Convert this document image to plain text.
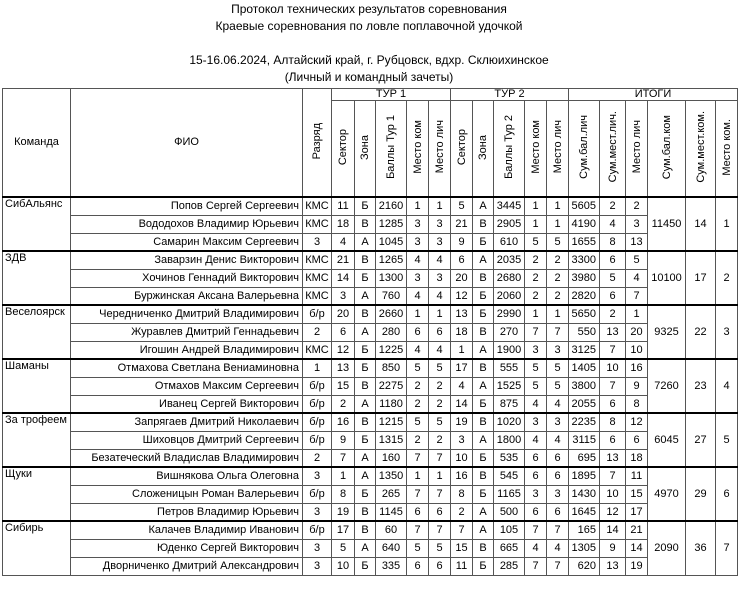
Протокол технических результатов соревнования
Краевые соревнования по ловле поплавочной удочкой
15-16.06.2024, Алтайский край, г. Рубцовск, вдхр. Склюихинское
(Личный и командный зачеты)
Команда	ФИО	Разряд	ТУР 1					ТУР 2					ИТОГИ					
			Сектор	Зона	Баллы Тур 1	Место ком	Место лич	Сектор	Зона	Баллы Тур 2	Место ком	Место лич	Сум.бал.лич	Сум.мест.лич.	Место лич	Сум.бал.ком	Сум.мест.ком.	Место ком.
СибАльянс	Попов Сергей Сергеевич	КМС	11	Б	2160	1	1	5	А	3445	1	1	5605	2	2	11450	14	1
	Вододохов Владимир Юрьевич	КМС	18	В	1285	3	3	21	В	2905	1	1	4190	4	3			
	Самарин Максим Сергеевич	3	4	А	1045	3	3	9	Б	610	5	5	1655	8	13			
ЗДВ	Заварзин Денис Викторович	КМС	21	В	1265	4	4	6	А	2035	2	2	3300	6	5	10100	17	2
	Хочинов Геннадий Викторович	КМС	14	Б	1300	3	3	20	В	2680	2	2	3980	5	4			
	Буржинская Аксана Валерьевна	КМС	3	А	760	4	4	12	Б	2060	2	2	2820	6	7			
Веселоярск	Чередниченко Дмитрий Владимирович	б/р	20	В	2660	1	1	13	Б	2990	1	1	5650	2	1	9325	22	3
	Журавлев Дмитрий Геннадьевич	2	6	А	280	6	6	18	В	270	7	7	550	13	20			
	Игошин Андрей Владимирович	КМС	12	Б	1225	4	4	1	А	1900	3	3	3125	7	10			
Шаманы	Отмахова Светлана Вениаминовна	1	13	Б	850	5	5	17	В	555	5	5	1405	10	16	7260	23	4
	Отмахов Максим Сергеевич	б/р	15	В	2275	2	2	4	А	1525	5	5	3800	7	9			
	Иванец Сергей Викторович	б/р	2	А	1180	2	2	14	Б	875	4	4	2055	6	8			
За трофеем	Запрягаев Дмитрий Николаевич	б/р	16	В	1215	5	5	19	В	1020	3	3	2235	8	12	6045	27	5
	Шиховцов Дмитрий Сергеевич	б/р	9	Б	1315	2	2	3	А	1800	4	4	3115	6	6			
	Безатеческий Владислав Владимирович	2	7	А	160	7	7	10	Б	535	6	6	695	13	18			
Щуки	Вишнякова Ольга Олеговна	3	1	А	1350	1	1	16	В	545	6	6	1895	7	11	4970	29	6
	Сложеницын Роман Валерьевич	б/р	8	Б	265	7	7	8	Б	1165	3	3	1430	10	15			
	Петров Владимир Юрьевич	3	19	В	1145	6	6	2	А	500	6	6	1645	12	17			
Сибирь	Калачев Владимир Иванович	б/р	17	В	60	7	7	7	А	105	7	7	165	14	21	2090	36	7
	Юденко Сергей Викторович	3	5	А	640	5	5	15	В	665	4	4	1305	9	14			
	Дворниченко Дмитрий Александрович	3	10	Б	335	6	6	11	Б	285	7	7	620	13	19			
